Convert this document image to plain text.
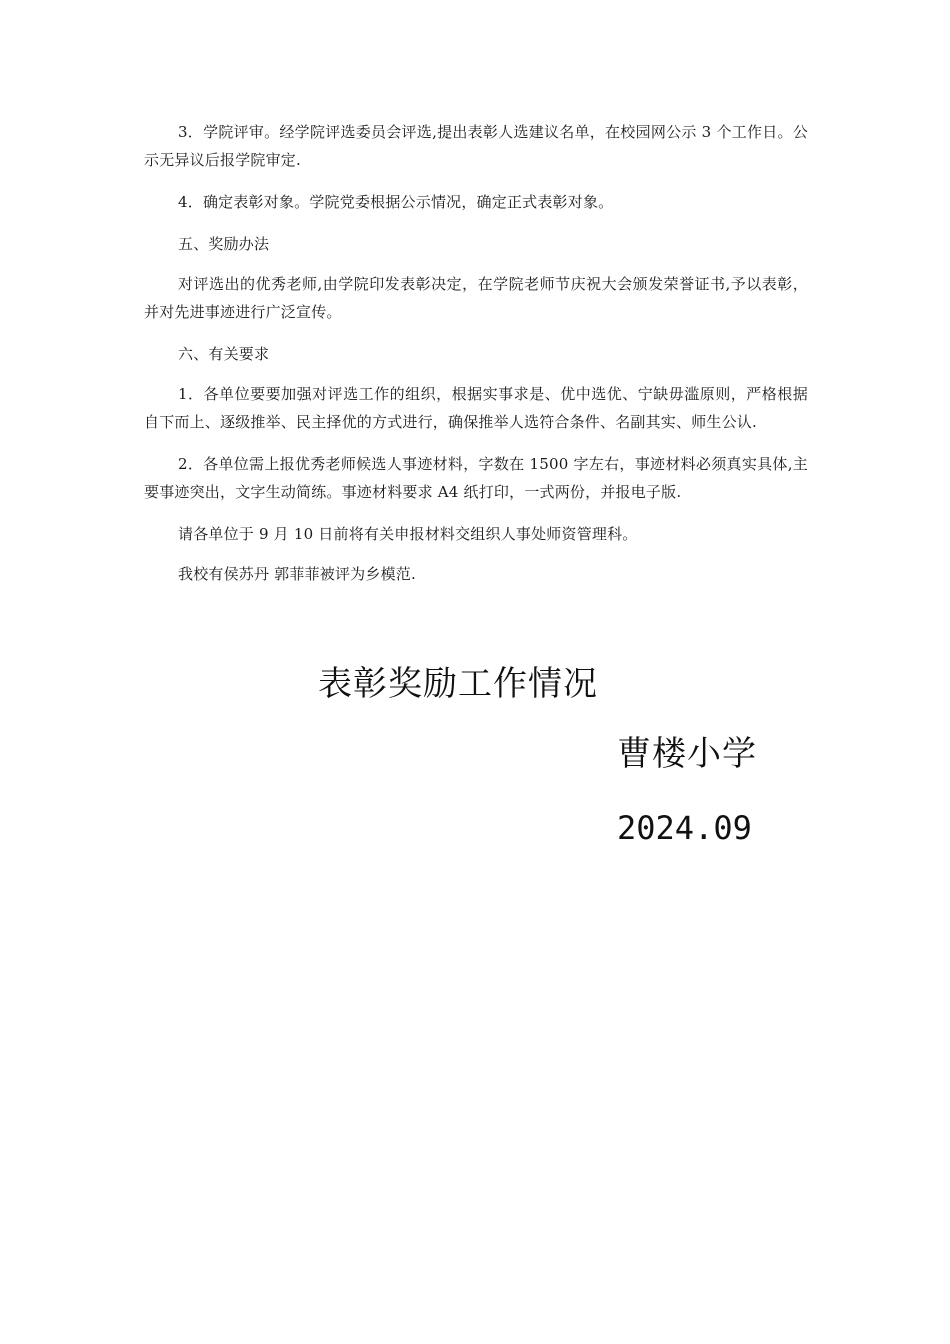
3．学院评审。经学院评选委员会评选,提出表彰人选建议名单，在校园网公示 3 个工作日。公示无异议后报学院审定.

4．确定表彰对象。学院党委根据公示情况，确定正式表彰对象。

五、奖励办法

对评选出的优秀老师,由学院印发表彰决定，在学院老师节庆祝大会颁发荣誉证书,予以表彰，并对先进事迹进行广泛宣传。

六、有关要求

1．各单位要要加强对评选工作的组织，根据实事求是、优中选优、宁缺毋滥原则，严格根据自下而上、逐级推举、民主择优的方式进行，确保推举人选符合条件、名副其实、师生公认.

2．各单位需上报优秀老师候选人事迹材料，字数在 1500 字左右，事迹材料必须真实具体,主要事迹突出，文字生动简练。事迹材料要求 A4 纸打印，一式两份，并报电子版.

请各单位于 9 月 10 日前将有关申报材料交组织人事处师资管理科。

我校有侯苏丹 郭菲菲被评为乡模范.

表彰奖励工作情况
曹楼小学
2024.09
